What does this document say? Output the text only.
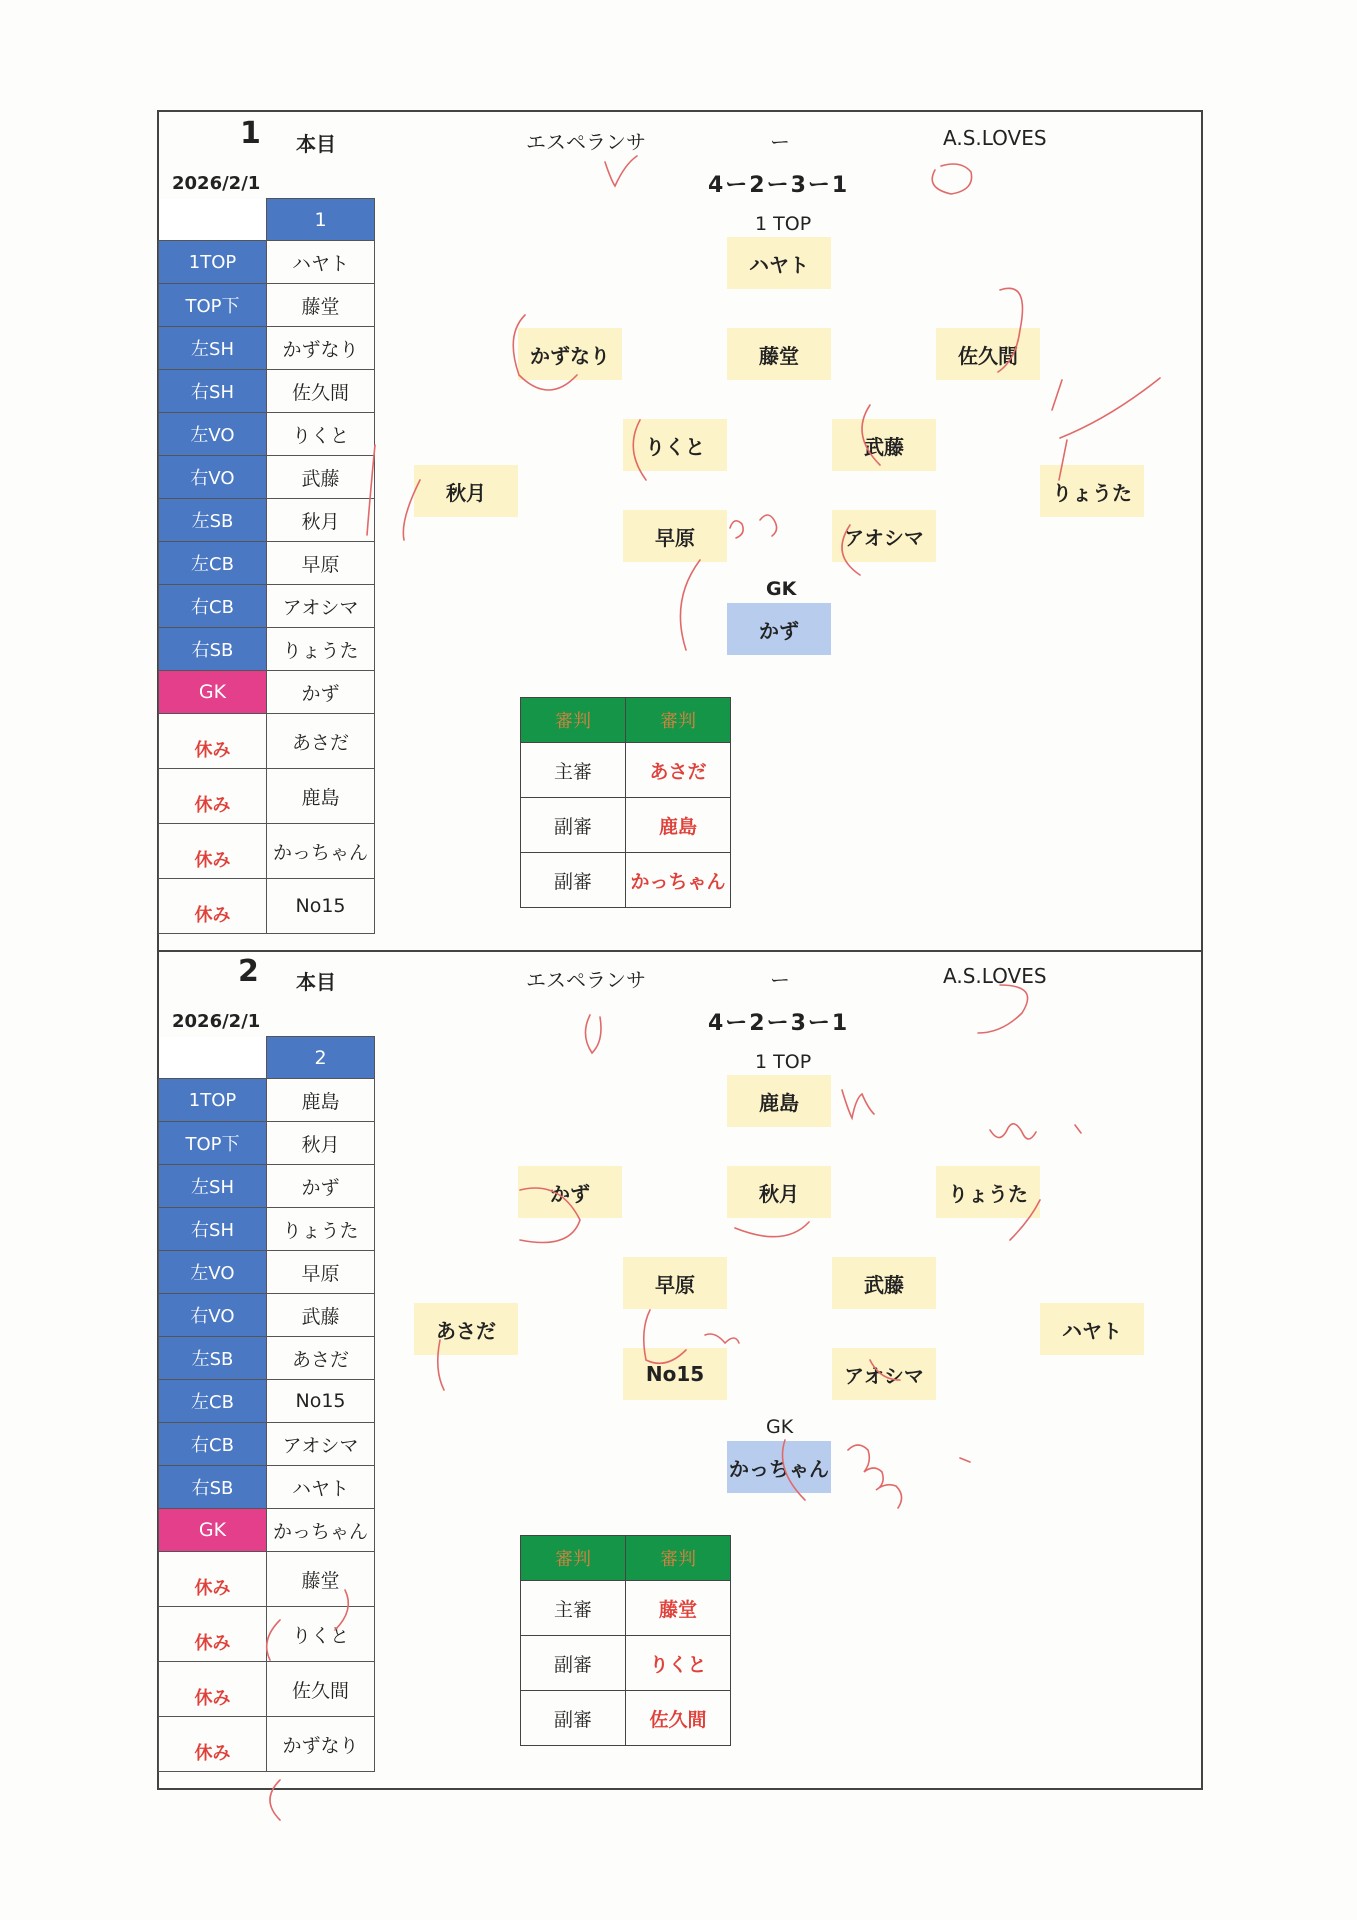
1 本目	エスペランサ	ー	A.S.LOVES
2026/2/1	4ー2ー3ー1
1 TOP
GK
	1
1TOP	ハヤト
TOP下	藤堂
左SH	かずなり
右SH	佐久間
左VO	りくと
右VO	武藤
左SB	秋月
左CB	早原
右CB	アオシマ
右SB	りょうた
GK	かず
休み	あさだ
休み	鹿島
休み	かっちゃん
休み	No15
ハヤト
かずなり	藤堂	佐久間
りくと	武藤
秋月	りょうた
早原	アオシマ
かず
審判	審判
主審	あさだ
副審	鹿島
副審	かっちゃん
2 本目	エスペランサ	ー	A.S.LOVES
2026/2/1	4ー2ー3ー1
1 TOP
GK
	2
1TOP	鹿島
TOP下	秋月
左SH	かず
右SH	りょうた
左VO	早原
右VO	武藤
左SB	あさだ
左CB	No15
右CB	アオシマ
右SB	ハヤト
GK	かっちゃん
休み	藤堂
休み	りくと
休み	佐久間
休み	かずなり
鹿島
かず	秋月	りょうた
早原	武藤
あさだ	ハヤト
No15	アオシマ
かっちゃん
審判	審判
主審	藤堂
副審	りくと
副審	佐久間
